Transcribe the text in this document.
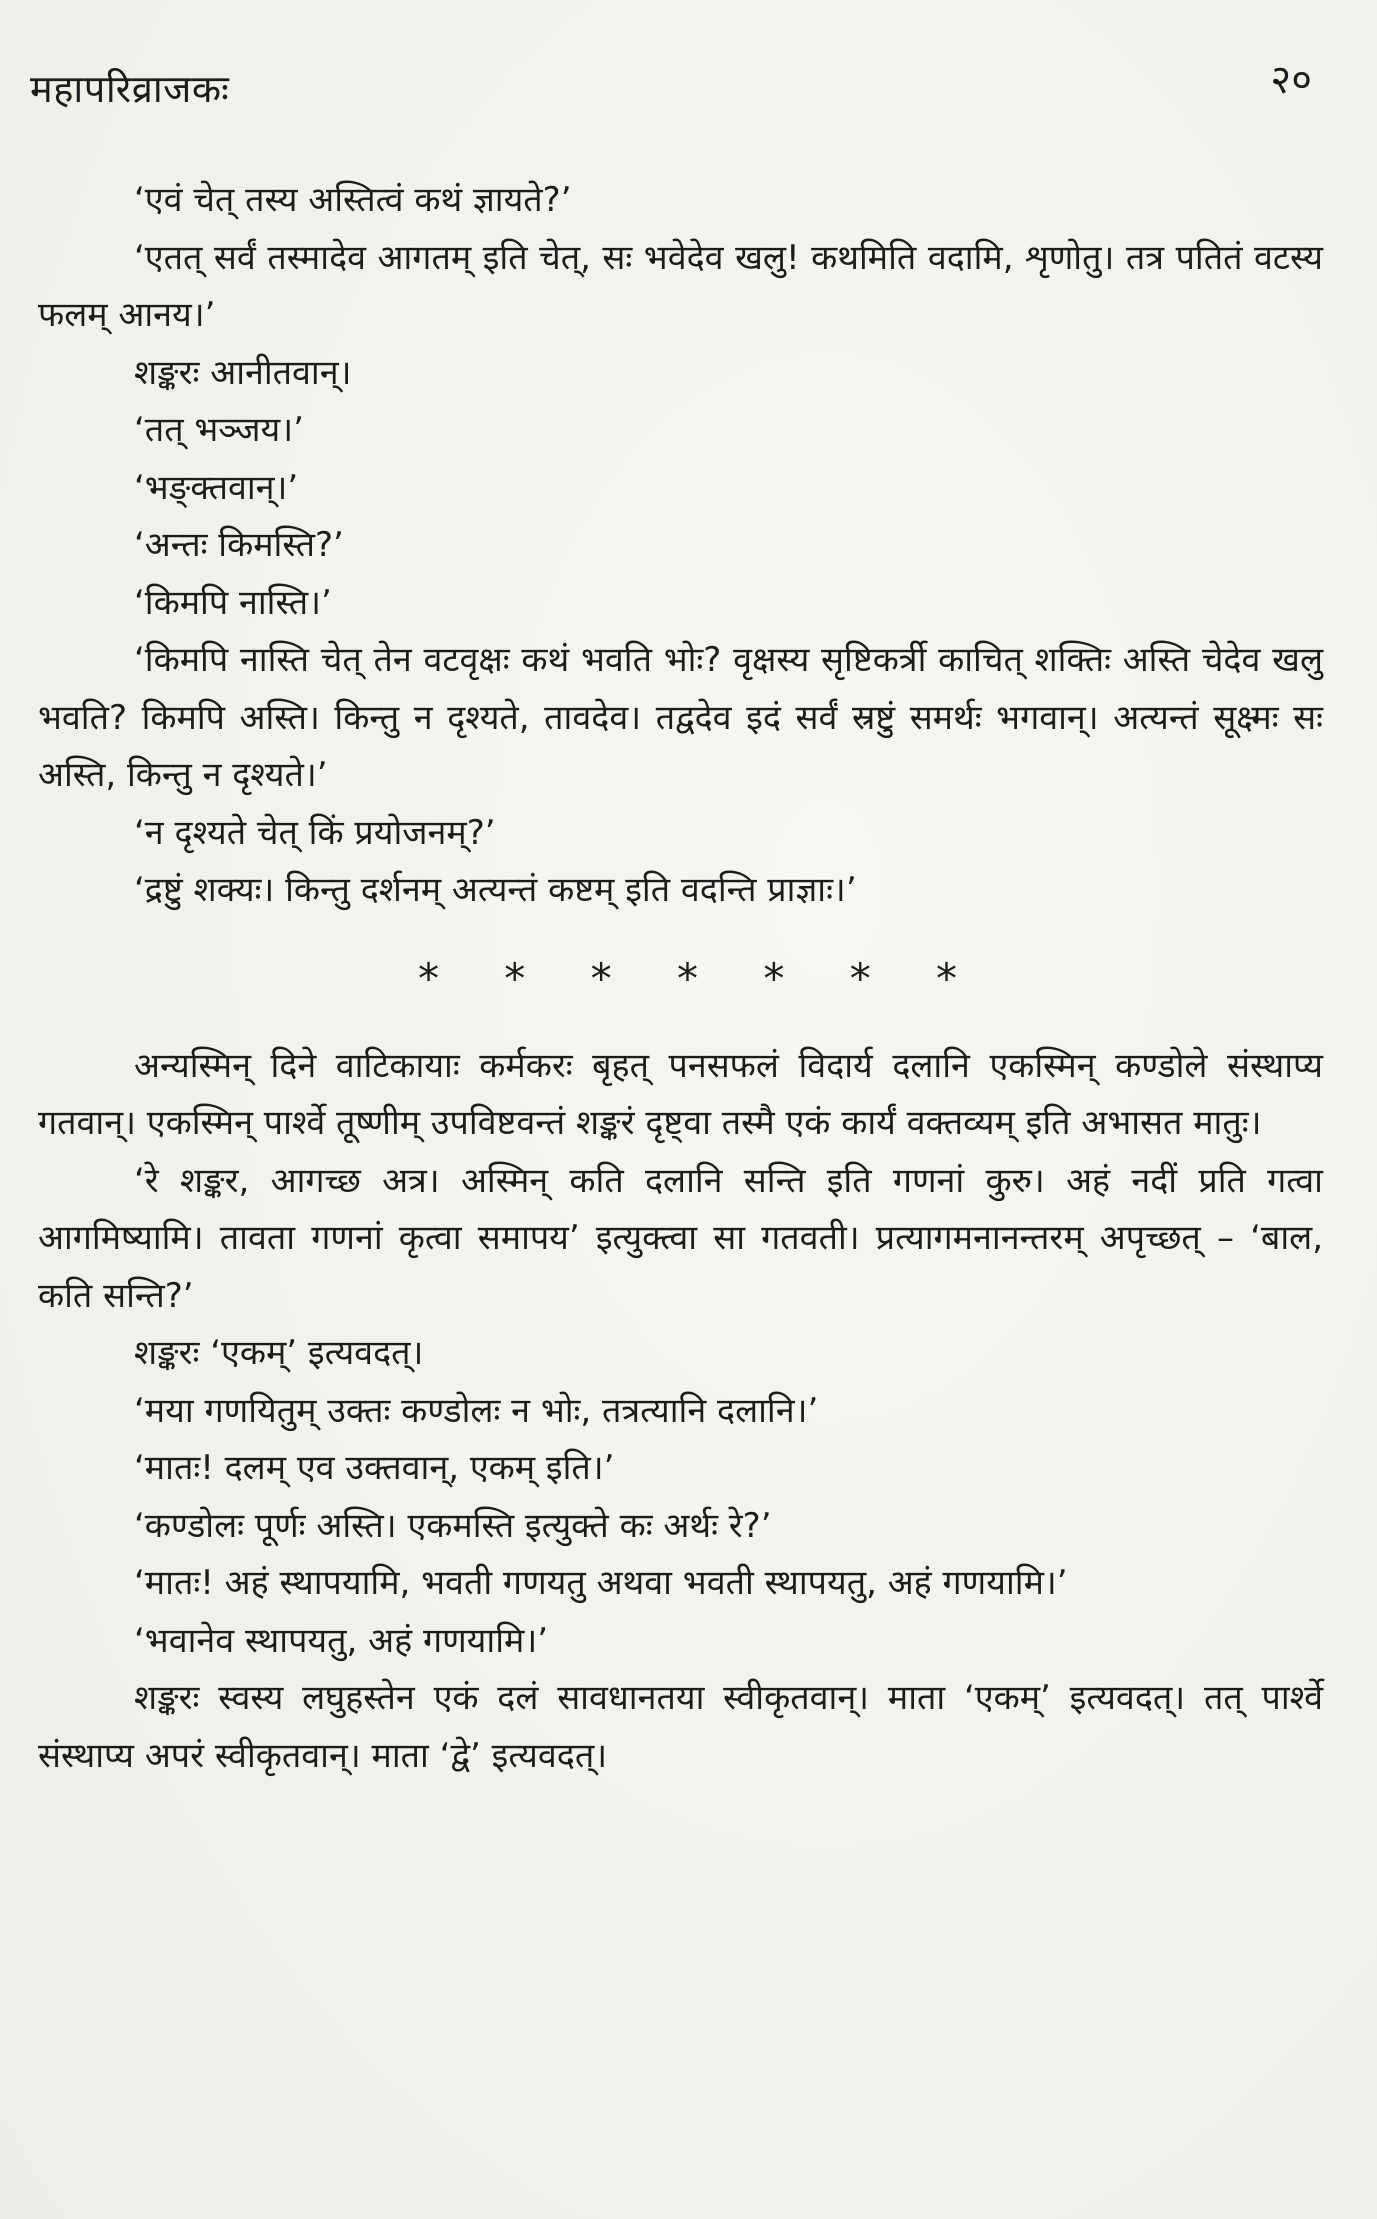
महापरिव्राजकः	२०

‘एवं चेत् तस्य अस्तित्वं कथं ज्ञायते?’

‘एतत् सर्वं तस्मादेव आगतम् इति चेत्, सः भवेदेव खलु! कथमिति वदामि, शृणोतु। तत्र पतितं वटस्य फलम् आनय।’

शङ्करः आनीतवान्।

‘तत् भञ्जय।’

‘भङ्क्तवान्।’

‘अन्तः किमस्ति?’

‘किमपि नास्ति।’

‘किमपि नास्ति चेत् तेन वटवृक्षः कथं भवति भोः? वृक्षस्य सृष्टिकर्त्री काचित् शक्तिः अस्ति चेदेव खलु भवति? किमपि अस्ति। किन्तु न दृश्यते, तावदेव। तद्वदेव इदं सर्वं स्रष्टुं समर्थः भगवान्। अत्यन्तं सूक्ष्मः सः अस्ति, किन्तु न दृश्यते।’

‘न दृश्यते चेत् किं प्रयोजनम्?’

‘द्रष्टुं शक्यः। किन्तु दर्शनम् अत्यन्तं कष्टम् इति वदन्ति प्राज्ञाः।’

* * * * * * *

अन्यस्मिन् दिने वाटिकायाः कर्मकरः बृहत् पनसफलं विदार्य दलानि एकस्मिन् कण्डोले संस्थाप्य गतवान्। एकस्मिन् पार्श्वे तूष्णीम् उपविष्टवन्तं शङ्करं दृष्ट्वा तस्मै एकं कार्यं वक्तव्यम् इति अभासत मातुः।

‘रे शङ्कर, आगच्छ अत्र। अस्मिन् कति दलानि सन्ति इति गणनां कुरु। अहं नदीं प्रति गत्वा आगमिष्यामि। तावता गणनां कृत्वा समापय’ इत्युक्त्वा सा गतवती। प्रत्यागमनानन्तरम् अपृच्छत् – ‘बाल, कति सन्ति?’

शङ्करः ‘एकम्’ इत्यवदत्।

‘मया गणयितुम् उक्तः कण्डोलः न भोः, तत्रत्यानि दलानि।’

‘मातः! दलम् एव उक्तवान्, एकम् इति।’

‘कण्डोलः पूर्णः अस्ति। एकमस्ति इत्युक्ते कः अर्थः रे?’

‘मातः! अहं स्थापयामि, भवती गणयतु अथवा भवती स्थापयतु, अहं गणयामि।’

‘भवानेव स्थापयतु, अहं गणयामि।’

शङ्करः स्वस्य लघुहस्तेन एकं दलं सावधानतया स्वीकृतवान्। माता ‘एकम्’ इत्यवदत्। तत् पार्श्वे संस्थाप्य अपरं स्वीकृतवान्। माता ‘द्वे’ इत्यवदत्।
